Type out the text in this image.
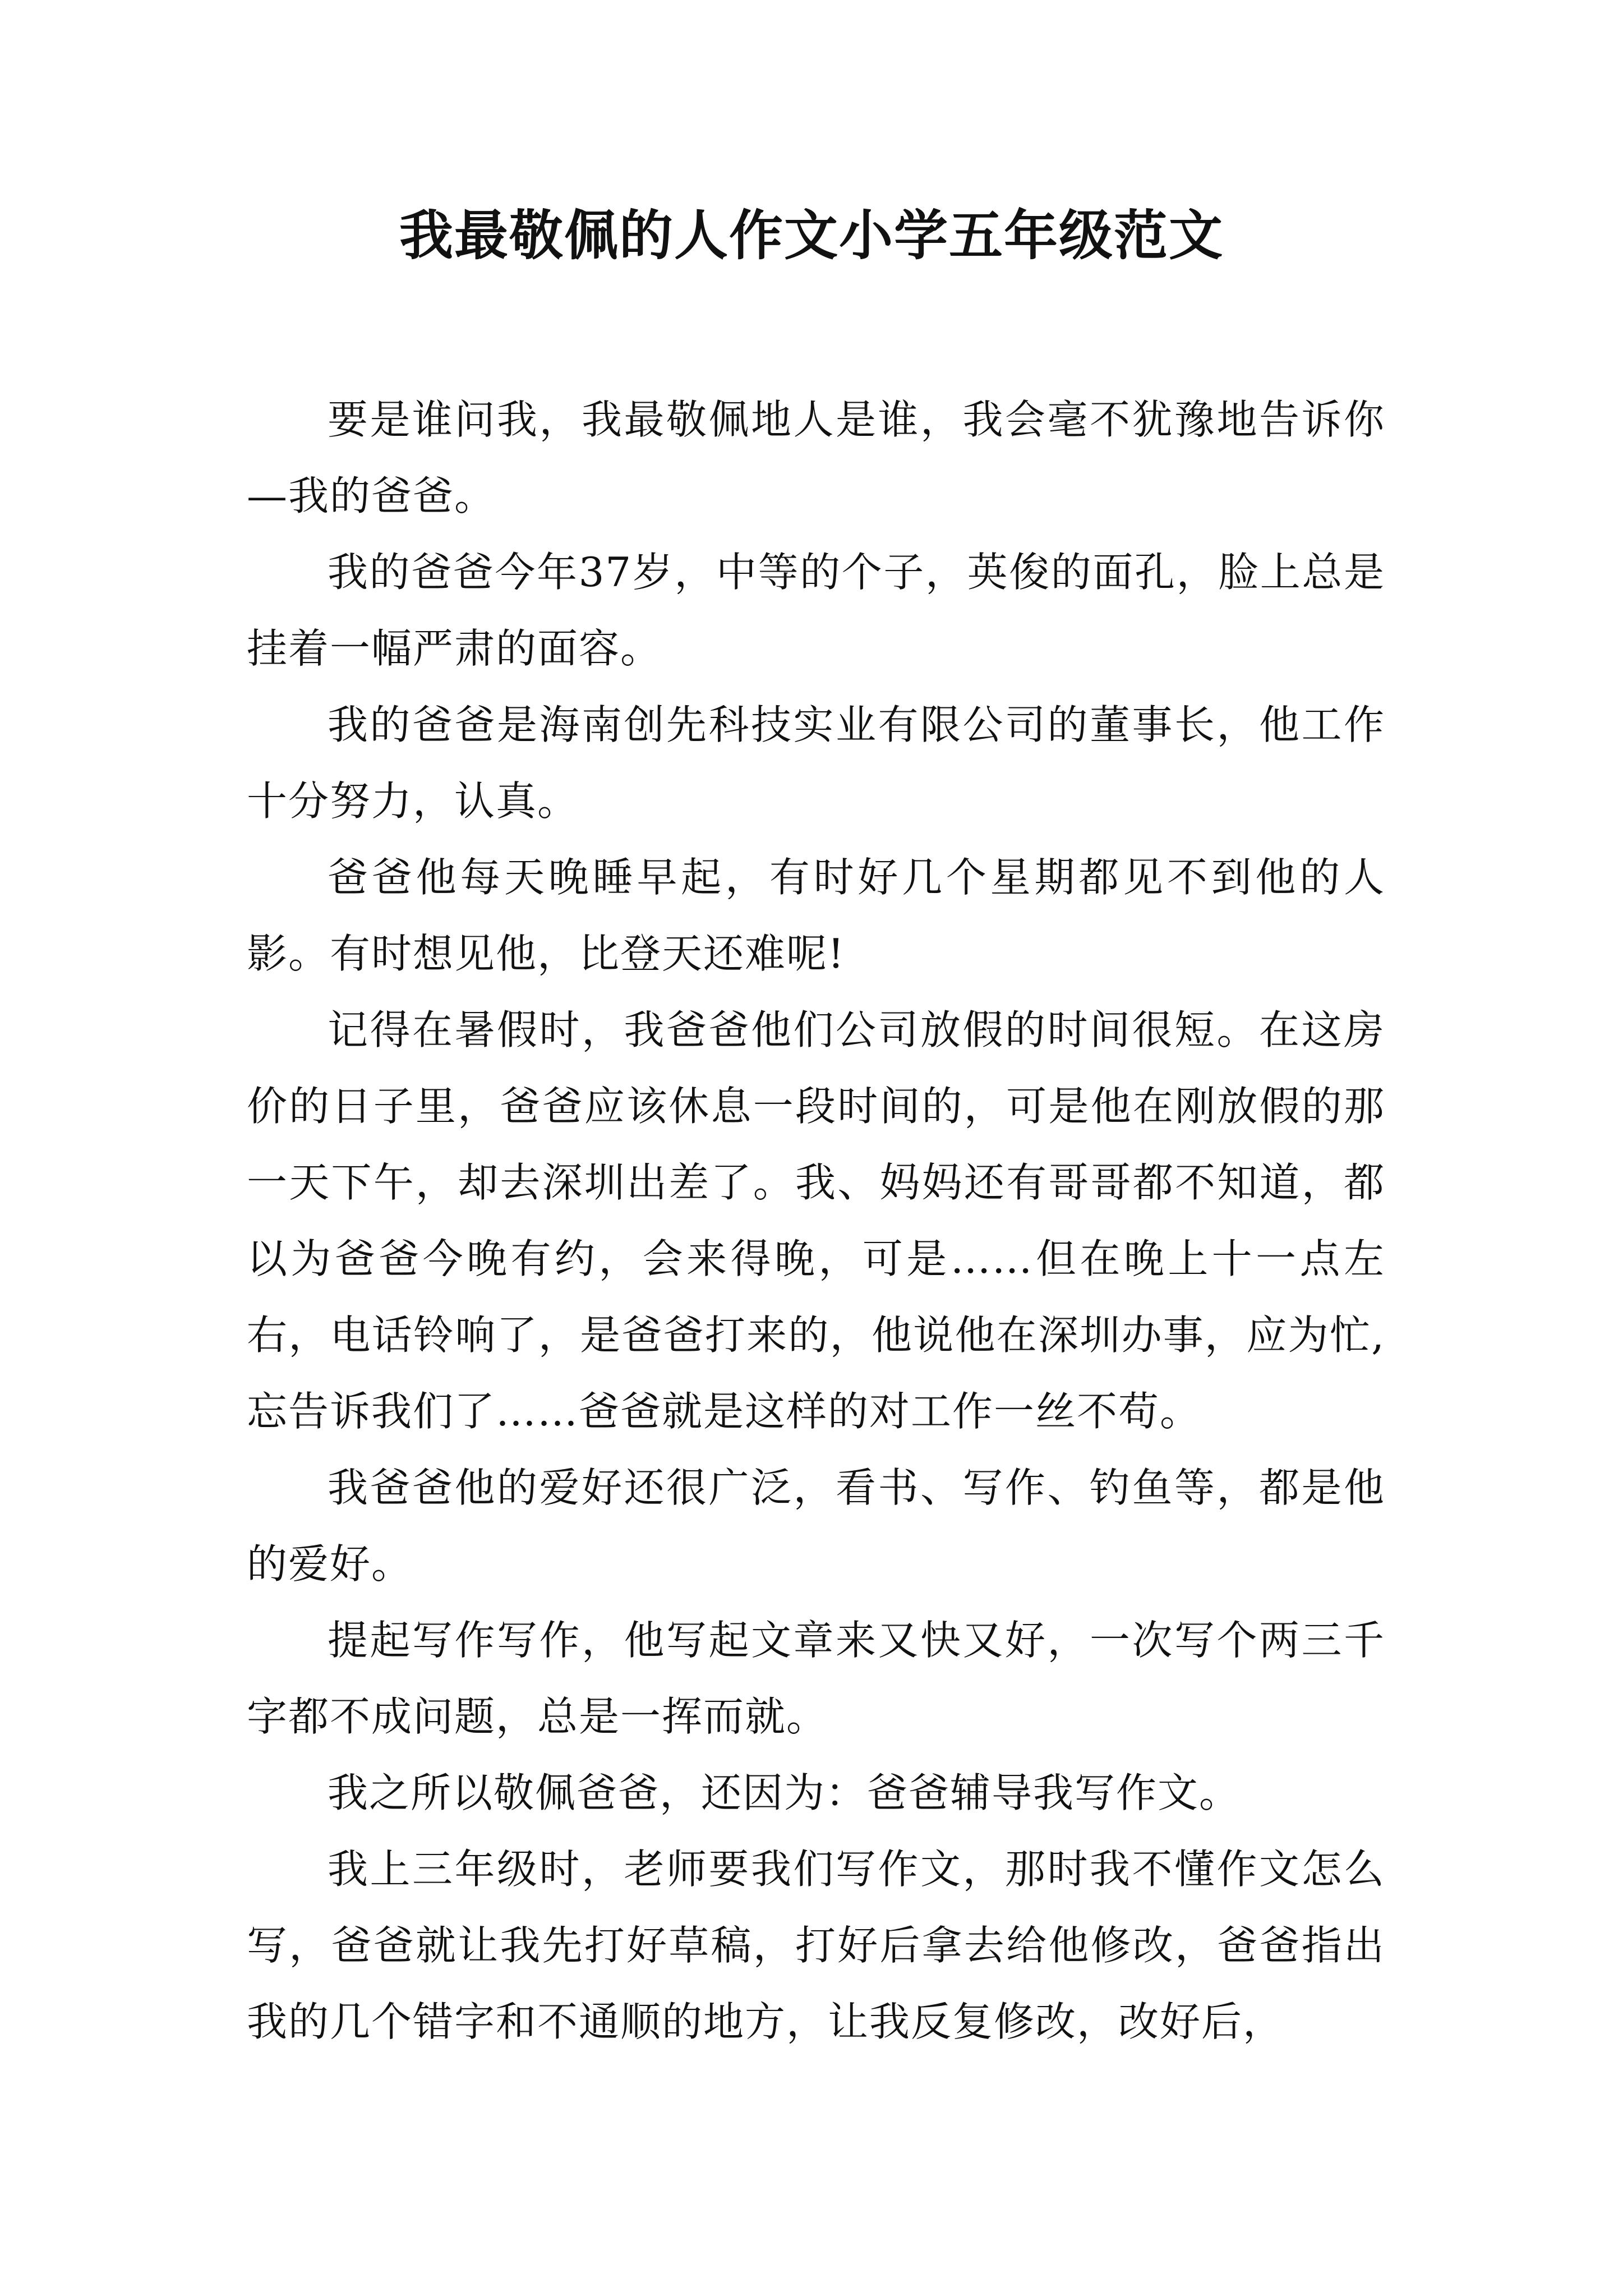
我最敬佩的人作文小学五年级范文

要是谁问我，我最敬佩地人是谁，我会毫不犹豫地告诉你—我的爸爸。

我的爸爸今年37岁，中等的个子，英俊的面孔，脸上总是挂着一幅严肃的面容。

我的爸爸是海南创先科技实业有限公司的董事长，他工作十分努力，认真。

爸爸他每天晚睡早起，有时好几个星期都见不到他的人影。有时想见他，比登天还难呢!

记得在暑假时，我爸爸他们公司放假的时间很短。在这房价的日子里，爸爸应该休息一段时间的，可是他在刚放假的那一天下午，却去深圳出差了。我、妈妈还有哥哥都不知道，都以为爸爸今晚有约，会来得晚，可是……但在晚上十一点左右，电话铃响了，是爸爸打来的，他说他在深圳办事，应为忙,忘告诉我们了……爸爸就是这样的对工作一丝不苟。

我爸爸他的爱好还很广泛，看书、写作、钓鱼等，都是他的爱好。

提起写作写作，他写起文章来又快又好，一次写个两三千字都不成问题，总是一挥而就。

我之所以敬佩爸爸，还因为：爸爸辅导我写作文。

我上三年级时，老师要我们写作文，那时我不懂作文怎么写，爸爸就让我先打好草稿，打好后拿去给他修改，爸爸指出我的几个错字和不通顺的地方，让我反复修改，改好后，
